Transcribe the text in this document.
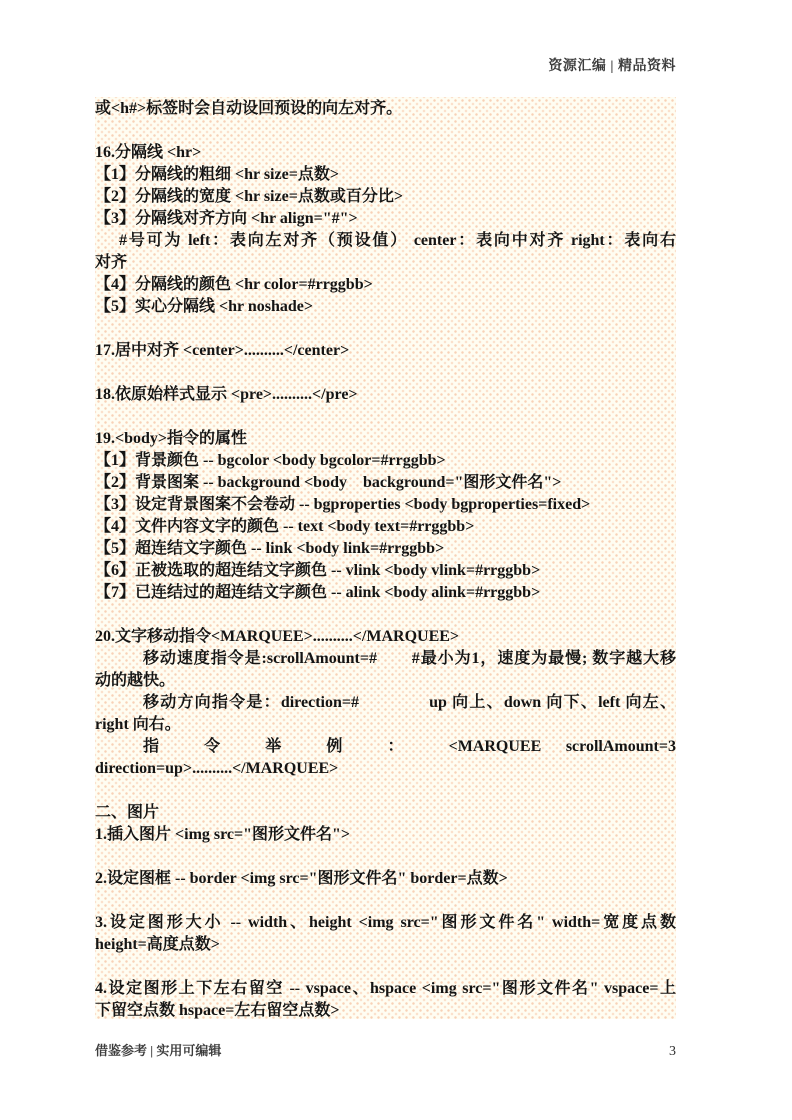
资源汇编 | 精品资料
或<h#>标签时会自动设回预设的向左对齐。

16.分隔线 <hr>
【1】分隔线的粗细 <hr size=点数>
【2】分隔线的宽度 <hr size=点数或百分比>
【3】分隔线对齐方向 <hr align="#">
#号可为 left：表向左对齐（预设值） center：表向中对齐 right：表向右
对齐
【4】分隔线的颜色 <hr color=#rrggbb>
【5】实心分隔线 <hr noshade>

17.居中对齐 <center>..........</center>

18.依原始样式显示 <pre>..........</pre>

19.<body>指令的属性
【1】背景颜色 -- bgcolor <body bgcolor=#rrggbb>
【2】背景图案 -- background <body　background="图形文件名">
【3】设定背景图案不会卷动 -- bgproperties <body bgproperties=fixed>
【4】文件内容文字的颜色 -- text <body text=#rrggbb>
【5】超连结文字颜色 -- link <body link=#rrggbb>
【6】正被选取的超连结文字颜色 -- vlink <body vlink=#rrggbb>
【7】已连结过的超连结文字颜色 -- alink <body alink=#rrggbb>

20.文字移动指令<MARQUEE>..........</MARQUEE>
移动速度指令是:scrollAmount=#　　#最小为1，速度为最慢; 数字越大移
动的越快。
移动方向指令是：direction=#　　　　up 向上、down 向下、left 向左、
right 向右。
指 令 举 例 ： <MARQUEE scrollAmount=3
direction=up>..........</MARQUEE>

二、图片
1.插入图片 <img src="图形文件名">

2.设定图框 -- border <img src="图形文件名" border=点数>

3.设定图形大小 -- width、height <img src="图形文件名" width=宽度点数
height=高度点数>

4.设定图形上下左右留空 -- vspace、hspace <img src="图形文件名" vspace=上
下留空点数 hspace=左右留空点数>
借鉴参考 | 实用可编辑	3
